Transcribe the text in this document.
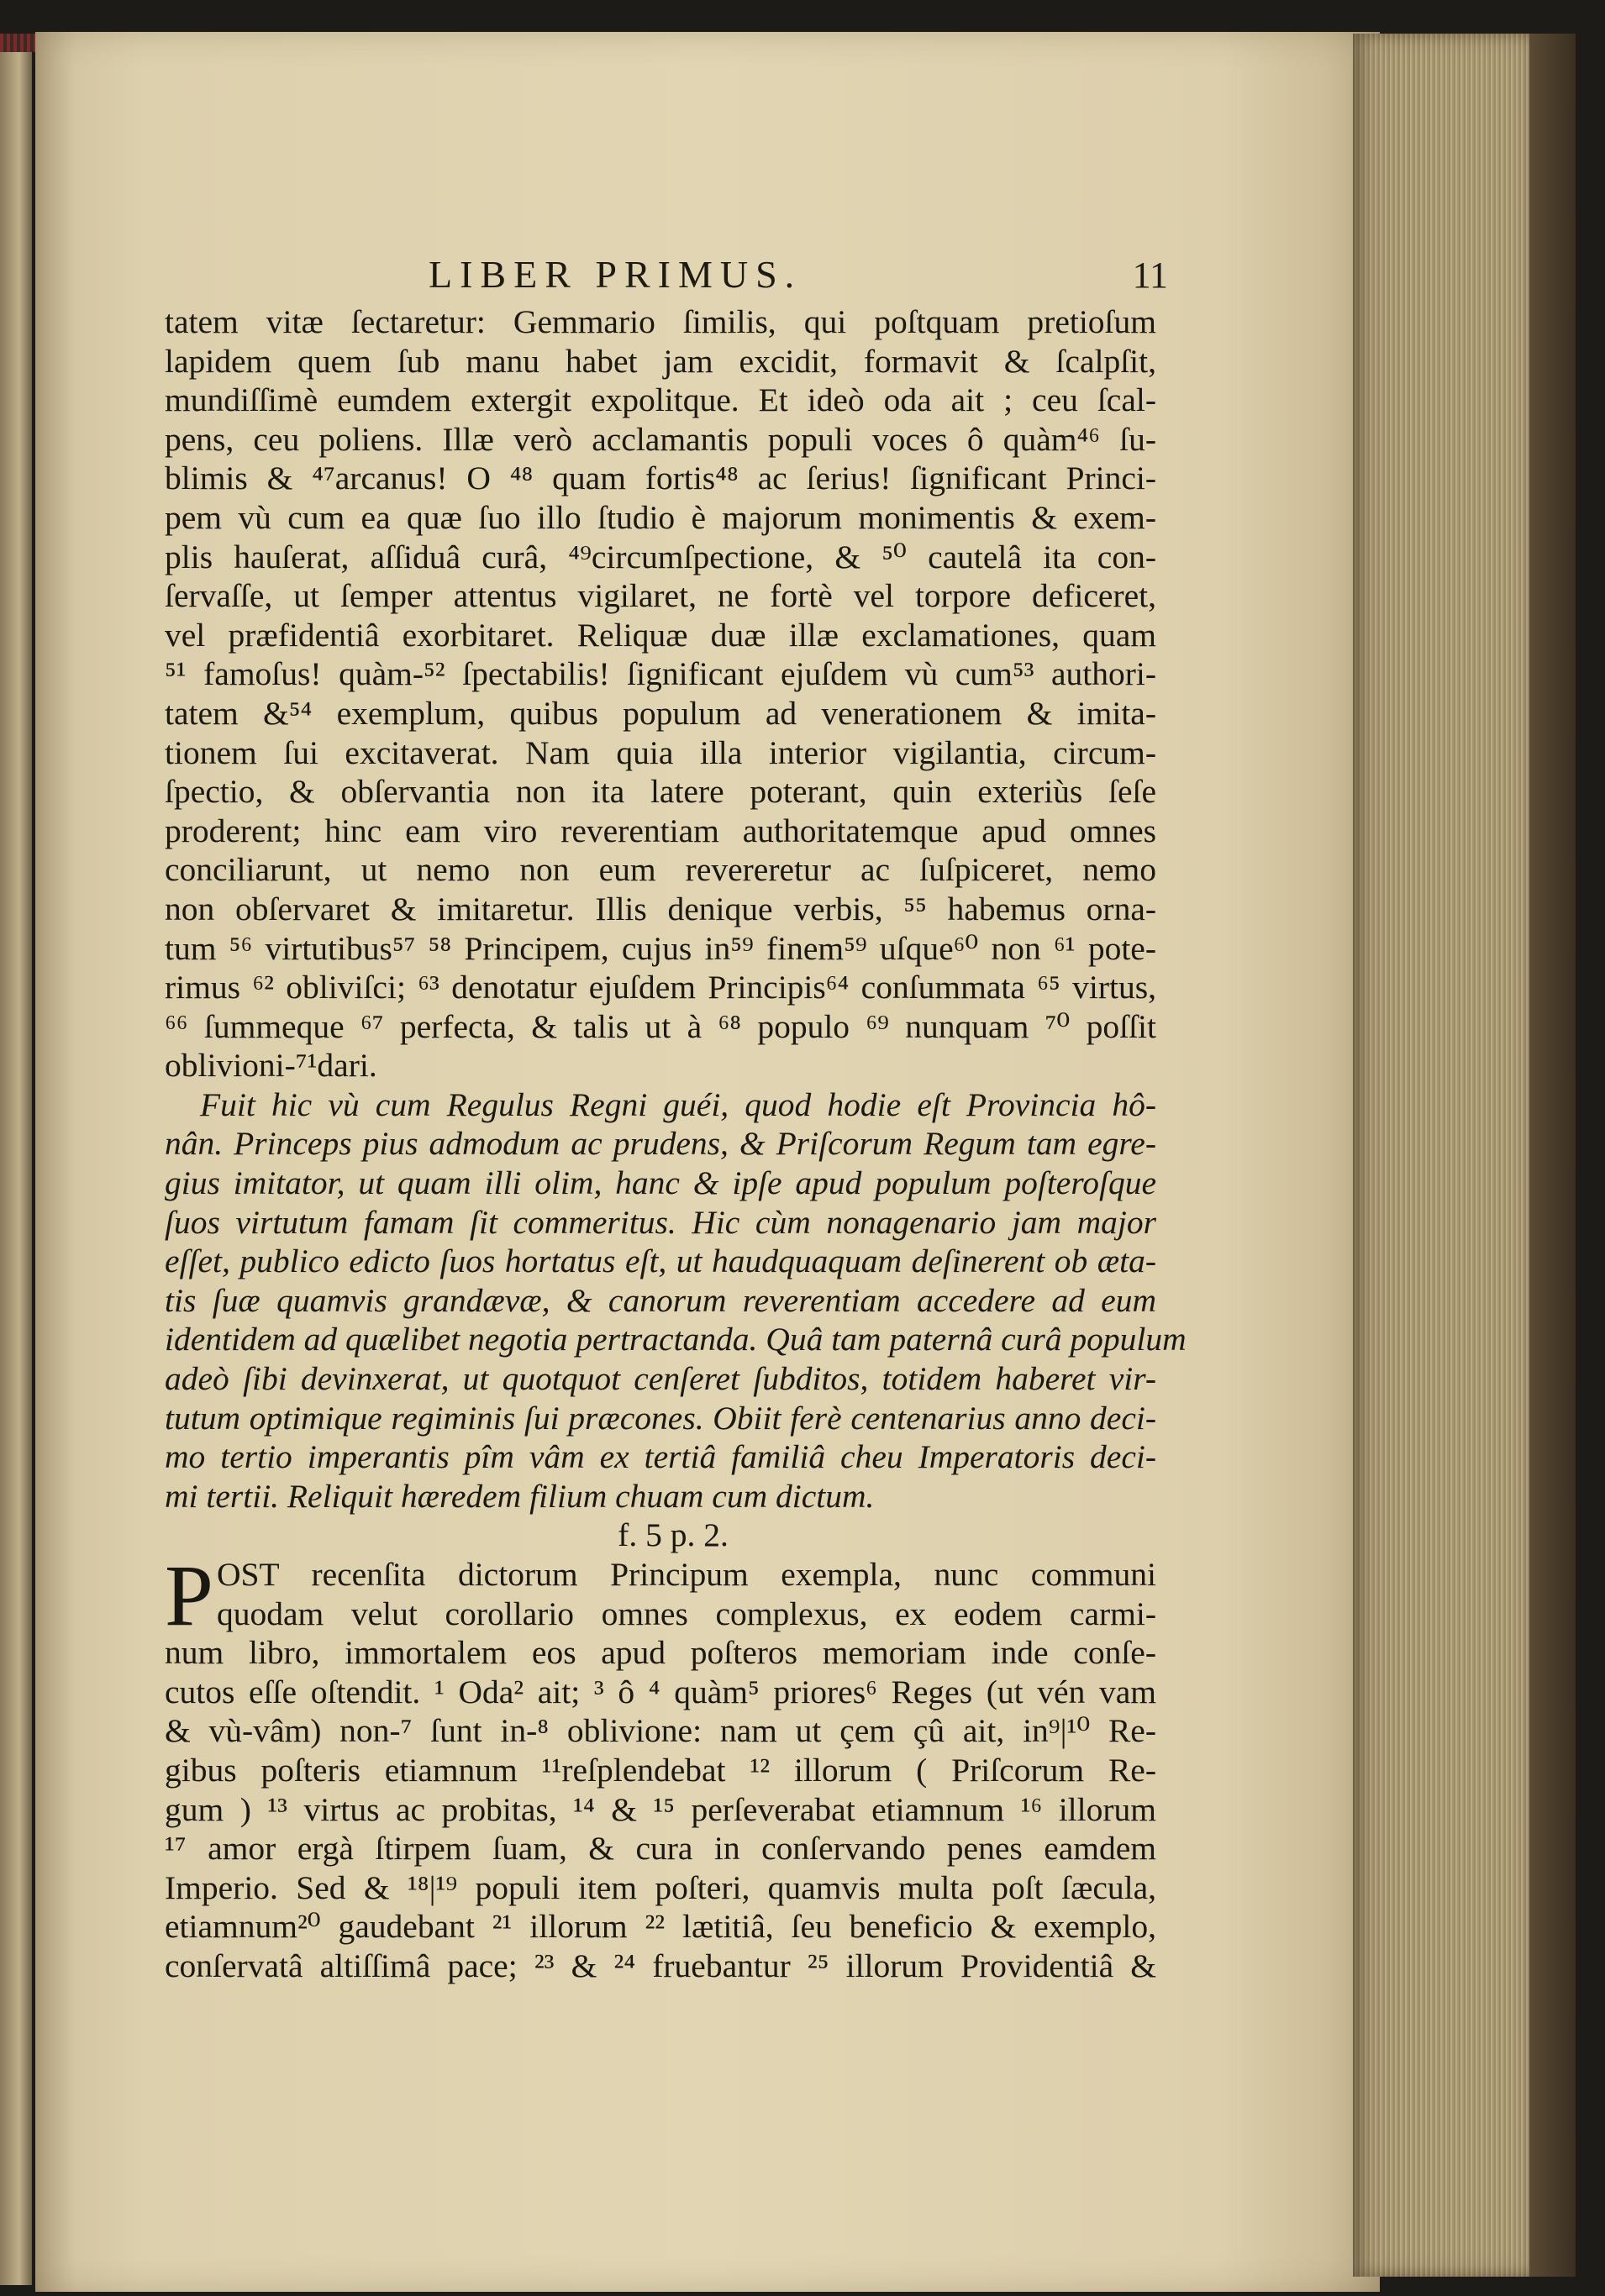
LIBER PRIMUS.	11
tatem vitæ ſectaretur: Gemmario ſimilis, qui poſtquam pretioſum
lapidem quem ſub manu habet jam excidit, formavit & ſcalpſit,
mundiſſimè eumdem extergit expolitque. Et ideò oda ait ; ceu ſcal-
pens, ceu poliens. Illæ verò acclamantis populi voces ô quàm⁴⁶ ſu-
blimis & ⁴⁷arcanus! O ⁴⁸ quam fortis⁴⁸ ac ſerius! ſignificant Princi-
pem vù cum ea quæ ſuo illo ſtudio è majorum monimentis & exem-
plis hauſerat, aſſiduâ curâ, ⁴⁹circumſpectione, & ⁵⁰ cautelâ ita con-
ſervaſſe, ut ſemper attentus vigilaret, ne fortè vel torpore deficeret,
vel præfidentiâ exorbitaret. Reliquæ duæ illæ exclamationes, quam
⁵¹ famoſus! quàm-⁵² ſpectabilis! ſignificant ejuſdem vù cum⁵³ authori-
tatem &⁵⁴ exemplum, quibus populum ad venerationem & imita-
tionem ſui excitaverat. Nam quia illa interior vigilantia, circum-
ſpectio, & obſervantia non ita latere poterant, quin exteriùs ſeſe
proderent; hinc eam viro reverentiam authoritatemque apud omnes
conciliarunt, ut nemo non eum revereretur ac ſuſpiceret, nemo
non obſervaret & imitaretur. Illis denique verbis, ⁵⁵ habemus orna-
tum ⁵⁶ virtutibus⁵⁷ ⁵⁸ Principem, cujus in⁵⁹ finem⁵⁹ uſque⁶⁰ non ⁶¹ pote-
rimus ⁶² obliviſci; ⁶³ denotatur ejuſdem Principis⁶⁴ conſummata ⁶⁵ virtus,
⁶⁶ ſummeque ⁶⁷ perfecta, & talis ut à ⁶⁸ populo ⁶⁹ nunquam ⁷⁰ poſſit
oblivioni-⁷¹dari.
Fuit hic vù cum Regulus Regni guéi, quod hodie eſt Provincia hô-
nân. Princeps pius admodum ac prudens, & Priſcorum Regum tam egre-
gius imitator, ut quam illi olim, hanc & ipſe apud populum poſteroſque
ſuos virtutum famam ſit commeritus. Hic cùm nonagenario jam major
eſſet, publico edicto ſuos hortatus eſt, ut haudquaquam deſinerent ob æta-
tis ſuæ quamvis grandævæ, & canorum reverentiam accedere ad eum
identidem ad quælibet negotia pertractanda. Quâ tam paternâ curâ populum
adeò ſibi devinxerat, ut quotquot cenſeret ſubditos, totidem haberet vir-
tutum optimique regiminis ſui præcones. Obiit ferè centenarius anno deci-
mo tertio imperantis pîm vâm ex tertiâ familiâ cheu Imperatoris deci-
mi tertii. Reliquit hæredem filium chuam cum dictum.
f. 5 p. 2.
P OST recenſita dictorum Principum exempla, nunc communi
quodam velut corollario omnes complexus, ex eodem carmi-
num libro, immortalem eos apud poſteros memoriam inde conſe-
cutos eſſe oſtendit. ¹ Oda² ait; ³ ô ⁴ quàm⁵ priores⁶ Reges (ut vén vam
& vù-vâm) non-⁷ ſunt in-⁸ oblivione: nam ut çem çû ait, in⁹|¹⁰ Re-
gibus poſteris etiamnum ¹¹reſplendebat ¹² illorum ( Priſcorum Re-
gum ) ¹³ virtus ac probitas, ¹⁴ & ¹⁵ perſeverabat etiamnum ¹⁶ illorum
¹⁷ amor ergà ſtirpem ſuam, & cura in conſervando penes eamdem
Imperio. Sed & ¹⁸|¹⁹ populi item poſteri, quamvis multa poſt ſæcula,
etiamnum²⁰ gaudebant ²¹ illorum ²² lætitiâ, ſeu beneficio & exemplo,
conſervatâ altiſſimâ pace; ²³ & ²⁴ fruebantur ²⁵ illorum Providentiâ &
